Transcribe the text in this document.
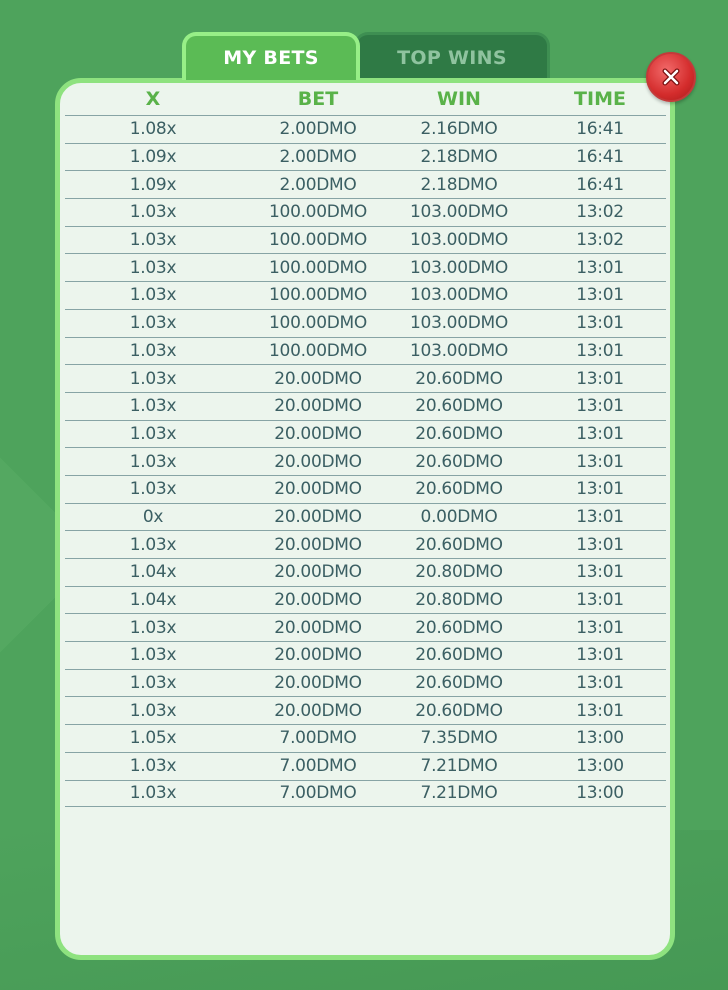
MY BETS	TOP WINS
X	BET	WIN	TIME
1.08x	2.00DMO	2.16DMO	16:41
1.09x	2.00DMO	2.18DMO	16:41
1.09x	2.00DMO	2.18DMO	16:41
1.03x	100.00DMO	103.00DMO	13:02
1.03x	100.00DMO	103.00DMO	13:02
1.03x	100.00DMO	103.00DMO	13:01
1.03x	100.00DMO	103.00DMO	13:01
1.03x	100.00DMO	103.00DMO	13:01
1.03x	100.00DMO	103.00DMO	13:01
1.03x	20.00DMO	20.60DMO	13:01
1.03x	20.00DMO	20.60DMO	13:01
1.03x	20.00DMO	20.60DMO	13:01
1.03x	20.00DMO	20.60DMO	13:01
1.03x	20.00DMO	20.60DMO	13:01
0x	20.00DMO	0.00DMO	13:01
1.03x	20.00DMO	20.60DMO	13:01
1.04x	20.00DMO	20.80DMO	13:01
1.04x	20.00DMO	20.80DMO	13:01
1.03x	20.00DMO	20.60DMO	13:01
1.03x	20.00DMO	20.60DMO	13:01
1.03x	20.00DMO	20.60DMO	13:01
1.03x	20.00DMO	20.60DMO	13:01
1.05x	7.00DMO	7.35DMO	13:00
1.03x	7.00DMO	7.21DMO	13:00
1.03x	7.00DMO	7.21DMO	13:00
